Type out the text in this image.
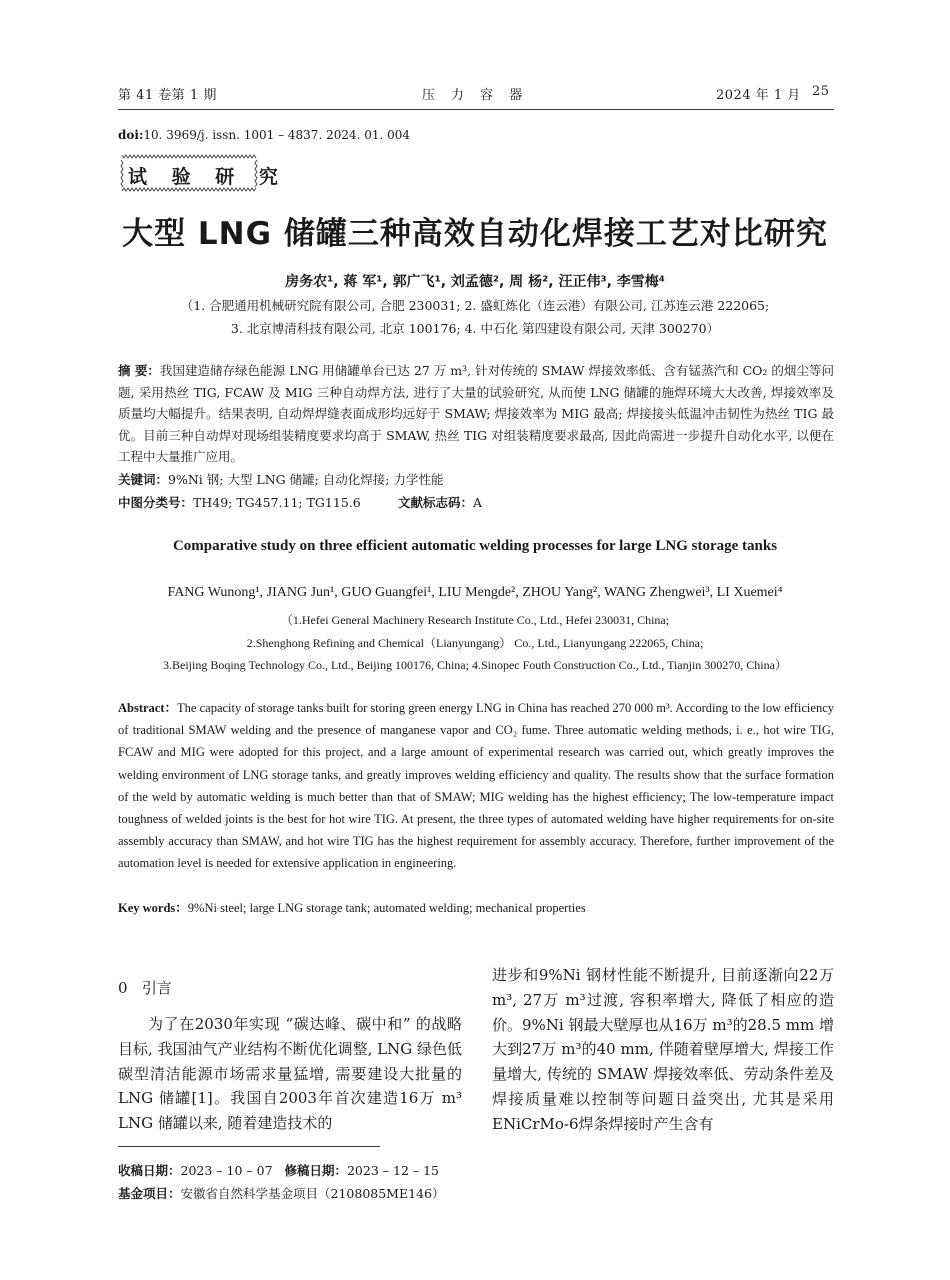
第 41 卷第 1 期	压 力 容 器	2024 年 1 月 25
doi:10. 3969/j. issn. 1001 – 4837. 2024. 01. 004
试 验 研 究
大型 LNG 储罐三种高效自动化焊接工艺对比研究
房务农¹, 蒋 军¹, 郭广飞¹, 刘孟德², 周 杨², 汪正伟³, 李雪梅⁴
（1. 合肥通用机械研究院有限公司, 合肥 230031; 2. 盛虹炼化（连云港）有限公司, 江苏连云港 222065;
3. 北京博清科技有限公司, 北京 100176; 4. 中石化 第四建设有限公司, 天津 300270）
摘 要：我国建造储存绿色能源 LNG 用储罐单台已达 27 万 m³, 针对传统的 SMAW 焊接效率低、含有锰蒸汽和 CO₂ 的烟尘等问题, 采用热丝 TIG, FCAW 及 MIG 三种自动焊方法, 进行了大量的试验研究, 从而使 LNG 储罐的施焊环境大大改善, 焊接效率及质量均大幅提升。结果表明, 自动焊焊缝表面成形均远好于 SMAW; 焊接效率为 MIG 最高; 焊接接头低温冲击韧性为热丝 TIG 最优。目前三种自动焊对现场组装精度要求均高于 SMAW, 热丝 TIG 对组装精度要求最高, 因此尚需进一步提升自动化水平, 以便在工程中大量推广应用。
关键词：9%Ni 钢; 大型 LNG 储罐; 自动化焊接; 力学性能
中图分类号：TH49; TG457.11; TG115.6	文献标志码：A
Comparative study on three efficient automatic welding processes for large LNG storage tanks
FANG Wunong¹, JIANG Jun¹, GUO Guangfei¹, LIU Mengde², ZHOU Yang², WANG Zhengwei³, LI Xuemei⁴
（1.Hefei General Machinery Research Institute Co., Ltd., Hefei 230031, China;
2.Shenghong Refining and Chemical（Lianyungang） Co., Ltd., Lianyungang 222065, China;
3.Beijing Boqing Technology Co., Ltd., Beijing 100176, China; 4.Sinopec Fouth Construction Co., Ltd., Tianjin 300270, China）
Abstract：The capacity of storage tanks built for storing green energy LNG in China has reached 270 000 m³. According to the low efficiency of traditional SMAW welding and the presence of manganese vapor and CO₂ fume. Three automatic welding methods, i. e., hot wire TIG, FCAW and MIG were adopted for this project, and a large amount of experimental research was carried out, which greatly improves the welding environment of LNG storage tanks, and greatly improves welding efficiency and quality. The results show that the surface formation of the weld by automatic welding is much better than that of SMAW; MIG welding has the highest efficiency; The low-temperature impact toughness of welded joints is the best for hot wire TIG. At present, the three types of automated welding have higher requirements for on-site assembly accuracy than SMAW, and hot wire TIG has the highest requirement for assembly accuracy. Therefore, further improvement of the automation level is needed for extensive application in engineering.
Key words：9%Ni steel; large LNG storage tank; automated welding; mechanical properties
0 引言
为了在2030年实现 “碳达峰、碳中和” 的战略目标, 我国油气产业结构不断优化调整, LNG 绿色低碳型清洁能源市场需求量猛增, 需要建设大批量的 LNG 储罐[1]。我国自2003年首次建造16万 m³ LNG 储罐以来, 随着建造技术的
进步和9%Ni 钢材性能不断提升, 目前逐渐向22万 m³, 27万 m³过渡, 容积率增大, 降低了相应的造价。9%Ni 钢最大壁厚也从16万 m³的28.5 mm 增大到27万 m³的40 mm, 伴随着壁厚增大, 焊接工作量增大, 传统的 SMAW 焊接效率低、劳动条件差及焊接质量难以控制等问题日益突出, 尤其是采用 ENiCrMo-6焊条焊接时产生含有
收稿日期：2023 – 10 – 07 修稿日期：2023 – 12 – 15
基金项目：安徽省自然科学基金项目（2108085ME146）
